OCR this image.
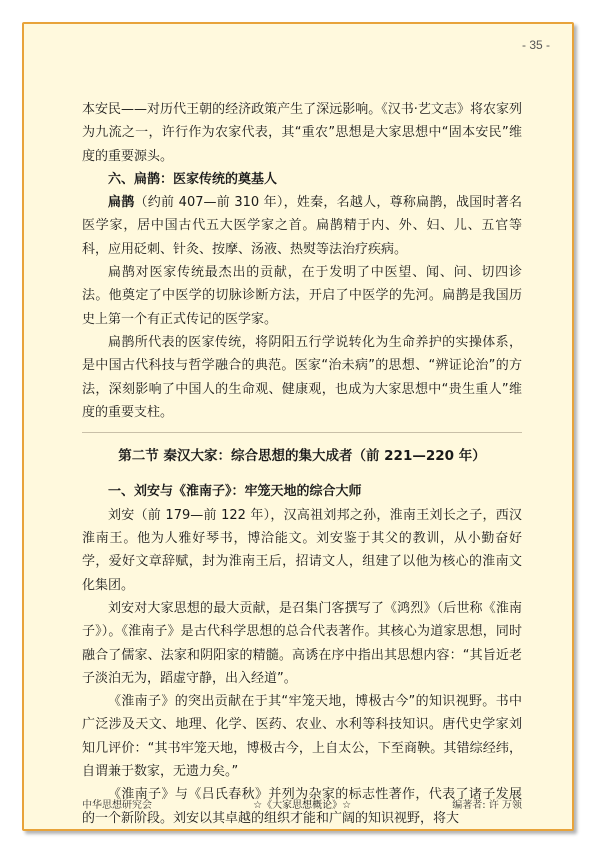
- 35 -

本安民——对历代王朝的经济政策产生了深远影响。《汉书·艺文志》将农家列为九流之一，许行作为农家代表，其“重农”思想是大家思想中“固本安民”维度的重要源头。

六、扁鹊：医家传统的奠基人

扁鹊（约前 407—前 310 年），姓秦，名越人，尊称扁鹊，战国时著名医学家，居中国古代五大医学家之首。扁鹊精于内、外、妇、儿、五官等科，应用砭刺、针灸、按摩、汤液、热熨等法治疗疾病。

扁鹊对医家传统最杰出的贡献，在于发明了中医望、闻、问、切四诊法。他奠定了中医学的切脉诊断方法，开启了中医学的先河。扁鹊是我国历史上第一个有正式传记的医学家。

扁鹊所代表的医家传统，将阴阳五行学说转化为生命养护的实操体系，是中国古代科技与哲学融合的典范。医家“治未病”的思想、“辨证论治”的方法，深刻影响了中国人的生命观、健康观，也成为大家思想中“贵生重人”维度的重要支柱。

第二节 秦汉大家：综合思想的集大成者（前 221—220 年）

一、刘安与《淮南子》：牢笼天地的综合大师

刘安（前 179—前 122 年），汉高祖刘邦之孙，淮南王刘长之子，西汉淮南王。他为人雅好琴书，博洽能文。刘安鉴于其父的教训，从小勤奋好学，爱好文章辞赋，封为淮南王后，招请文人，组建了以他为核心的淮南文化集团。

刘安对大家思想的最大贡献，是召集门客撰写了《鸿烈》（后世称《淮南子》）。《淮南子》是古代科学思想的总合代表著作。其核心为道家思想，同时融合了儒家、法家和阴阳家的精髓。高诱在序中指出其思想内容：“其旨近老子淡泊无为，蹈虚守静，出入经道”。

《淮南子》的突出贡献在于其“牢笼天地，博极古今”的知识视野。书中广泛涉及天文、地理、化学、医药、农业、水利等科技知识。唐代史学家刘知几评价：“其书牢笼天地，博极古今，上自太公，下至商鞅。其错综经纬，自谓兼于数家，无遗力矣。”

《淮南子》与《吕氏春秋》并列为杂家的标志性著作，代表了诸子发展的一个新阶段。刘安以其卓越的组织才能和广阔的知识视野，将大

中华思想研究会	☆《大家思想概论》☆	编著者: 许 万领
